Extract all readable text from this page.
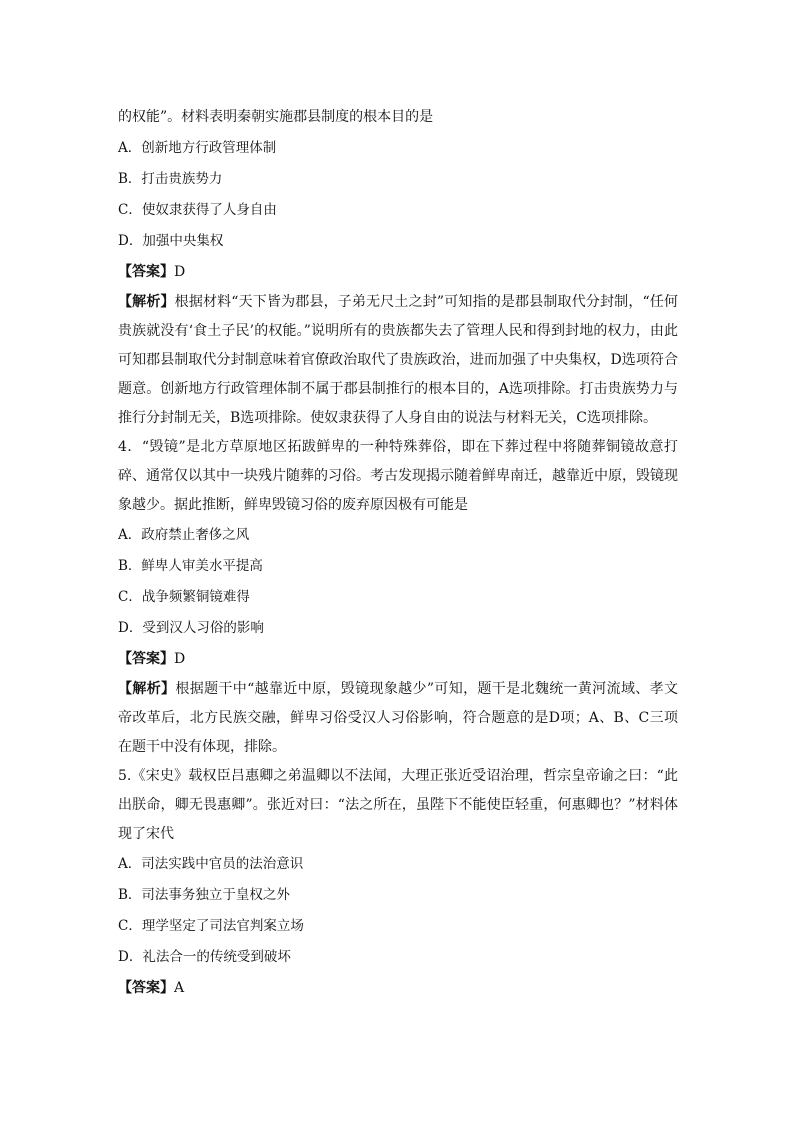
的权能”。材料表明秦朝实施郡县制度的根本目的是
A．创新地方行政管理体制
B．打击贵族势力
C．使奴隶获得了人身自由
D．加强中央集权
【答案】D
【解析】根据材料“天下皆为郡县，子弟无尺土之封”可知指的是郡县制取代分封制，“任何贵族就没有‘食土子民’的权能。”说明所有的贵族都失去了管理人民和得到封地的权力，由此可知郡县制取代分封制意味着官僚政治取代了贵族政治，进而加强了中央集权，D选项符合题意。创新地方行政管理体制不属于郡县制推行的根本目的，A选项排除。打击贵族势力与推行分封制无关，B选项排除。使奴隶获得了人身自由的说法与材料无关，C选项排除。
4．“毁镜”是北方草原地区拓跋鲜卑的一种特殊葬俗，即在下葬过程中将随葬铜镜故意打碎、通常仅以其中一块残片随葬的习俗。考古发现揭示随着鲜卑南迁，越靠近中原，毁镜现象越少。据此推断，鲜卑毁镜习俗的废弃原因极有可能是
A．政府禁止奢侈之风
B．鲜卑人审美水平提高
C．战争频繁铜镜难得
D．受到汉人习俗的影响
【答案】D
【解析】根据题干中“越靠近中原，毁镜现象越少”可知，题干是北魏统一黄河流域、孝文帝改革后，北方民族交融，鲜卑习俗受汉人习俗影响，符合题意的是D项；A、B、C三项在题干中没有体现，排除。
5.《宋史》载权臣吕惠卿之弟温卿以不法闻，大理正张近受诏治理，哲宗皇帝谕之曰：“此出朕命，卿无畏惠卿”。张近对曰：“法之所在，虽陛下不能使臣轻重，何惠卿也？”材料体现了宋代
A．司法实践中官员的法治意识
B．司法事务独立于皇权之外
C．理学坚定了司法官判案立场
D．礼法合一的传统受到破坏
【答案】A
